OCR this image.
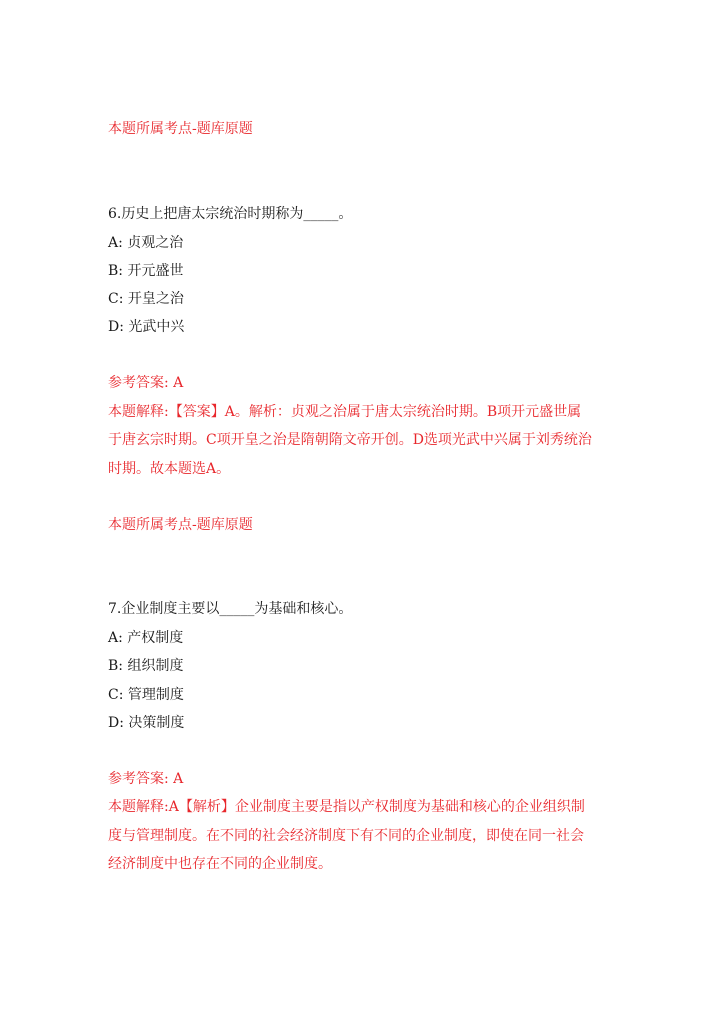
本题所属考点-题库原题
6.历史上把唐太宗统治时期称为_____。
A: 贞观之治
B: 开元盛世
C: 开皇之治
D: 光武中兴
参考答案: A
本题解释:【答案】A。解析：贞观之治属于唐太宗统治时期。B项开元盛世属
于唐玄宗时期。C项开皇之治是隋朝隋文帝开创。D选项光武中兴属于刘秀统治
时期。故本题选A。
本题所属考点-题库原题
7.企业制度主要以_____为基础和核心。
A: 产权制度
B: 组织制度
C: 管理制度
D: 决策制度
参考答案: A
本题解释:A【解析】企业制度主要是指以产权制度为基础和核心的企业组织制
度与管理制度。在不同的社会经济制度下有不同的企业制度，即使在同一社会
经济制度中也存在不同的企业制度。
